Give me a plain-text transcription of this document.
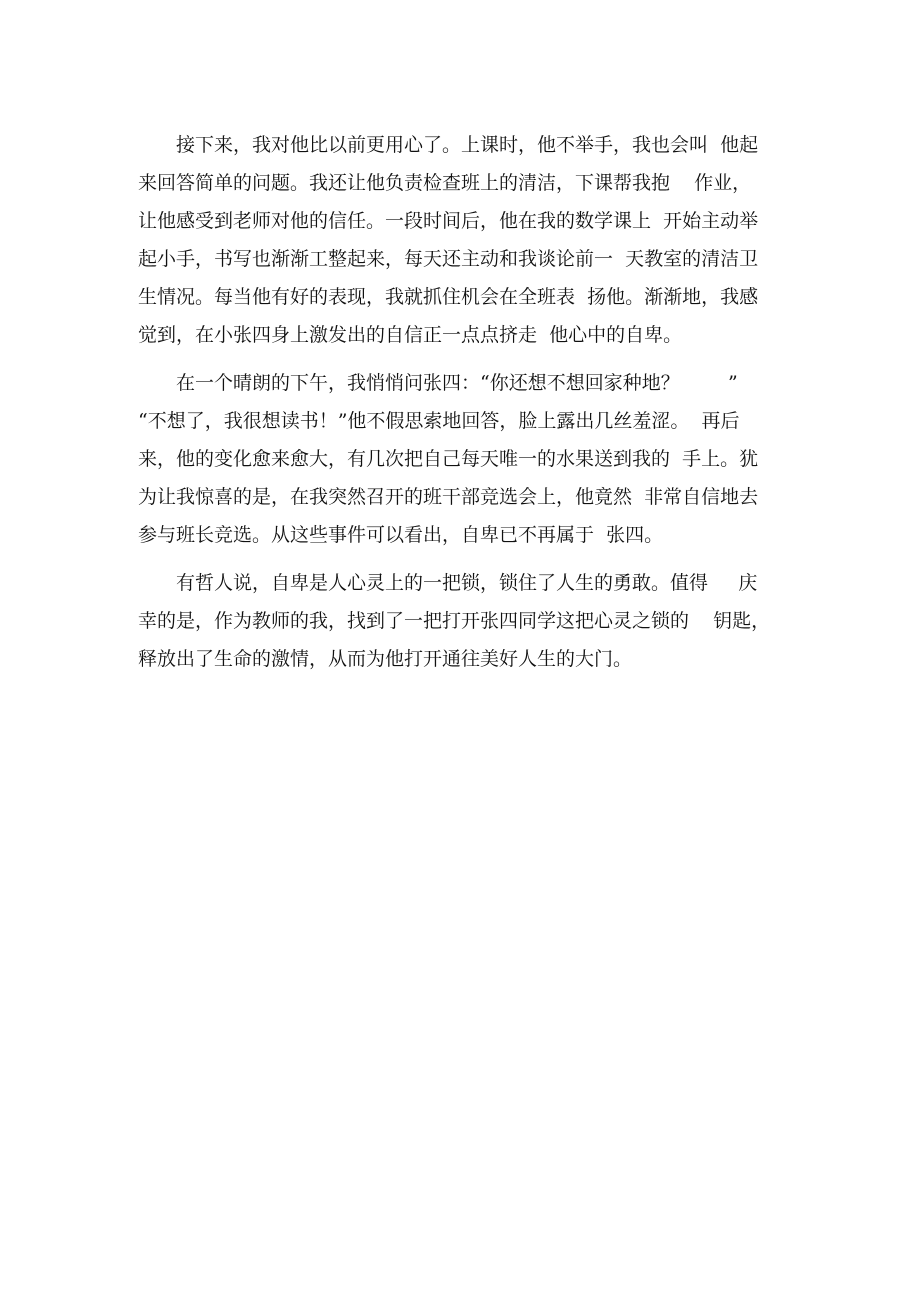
　　接下来，我对他比以前更用心了。上课时，他不举手，我也会叫  他起
来回答简单的问题。我还让他负责检查班上的清洁，下课帮我抱    作业，
让他感受到老师对他的信任。一段时间后，他在我的数学课上  开始主动举
起小手，书写也渐渐工整起来，每天还主动和我谈论前一  天教室的清洁卫
生情况。每当他有好的表现，我就抓住机会在全班表  扬他。渐渐地，我感
觉到，在小张四身上激发出的自信正一点点挤走  他心中的自卑。
　　在一个晴朗的下午，我悄悄问张四：“你还想不想回家种地？        ”
“不想了，我很想读书！”他不假思索地回答，脸上露出几丝羞涩。  再后
来，他的变化愈来愈大，有几次把自己每天唯一的水果送到我的  手上。犹
为让我惊喜的是，在我突然召开的班干部竞选会上，他竟然  非常自信地去
参与班长竞选。从这些事件可以看出，自卑已不再属于  张四。
　　有哲人说，自卑是人心灵上的一把锁，锁住了人生的勇敢。值得     庆
幸的是，作为教师的我，找到了一把打开张四同学这把心灵之锁的    钥匙，
释放出了生命的激情，从而为他打开通往美好人生的大门。
